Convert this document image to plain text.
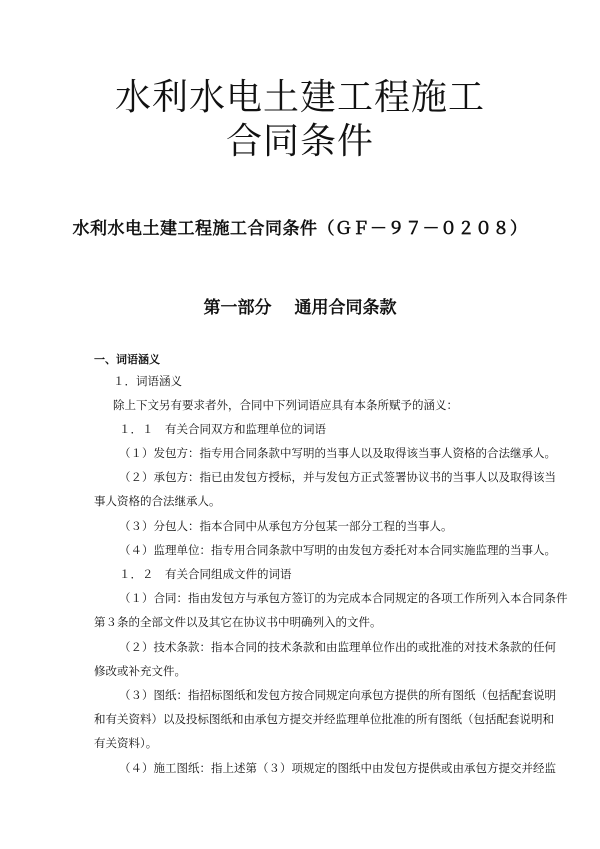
水利水电土建工程施工
合同条件
水利水电土建工程施工合同条件（ＧＦ－９７－０２０８）
第一部分　 通用合同条款
一、词语涵义
１．词语涵义
除上下文另有要求者外，合同中下列词语应具有本条所赋予的涵义：
１．１　有关合同双方和监理单位的词语
（１）发包方：指专用合同条款中写明的当事人以及取得该当事人资格的合法继承人。
（２）承包方：指已由发包方授标，并与发包方正式签署协议书的当事人以及取得该当
事人资格的合法继承人。
（３）分包人：指本合同中从承包方分包某一部分工程的当事人。
（４）监理单位：指专用合同条款中写明的由发包方委托对本合同实施监理的当事人。
１．２　有关合同组成文件的词语
（１）合同：指由发包方与承包方签订的为完成本合同规定的各项工作所列入本合同条件
第３条的全部文件以及其它在协议书中明确列入的文件。
（２）技术条款：指本合同的技术条款和由监理单位作出的或批准的对技术条款的任何
修改或补充文件。
（３）图纸：指招标图纸和发包方按合同规定向承包方提供的所有图纸（包括配套说明
和有关资料）以及投标图纸和由承包方提交并经监理单位批准的所有图纸（包括配套说明和
有关资料）。
（４）施工图纸：指上述第（３）项规定的图纸中由发包方提供或由承包方提交并经监
